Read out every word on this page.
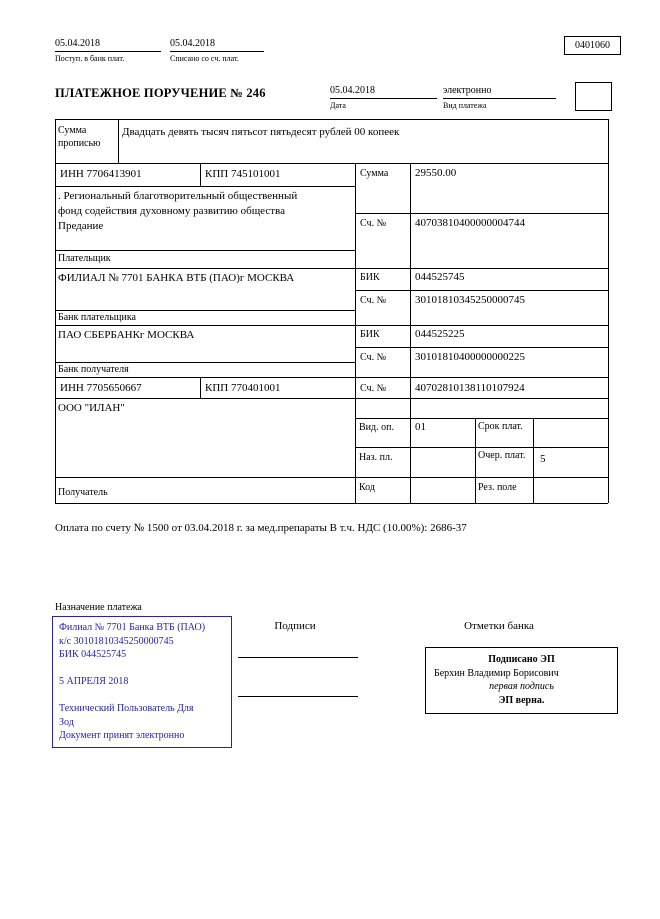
05.04.2018
Поступ. в банк плат.
05.04.2018
Списано со сч. плат.
0401060
ПЛАТЕЖНОЕ ПОРУЧЕНИЕ № 246	05.04.2018
Дата
электронно
Вид платежа
Сумма прописью
Двадцать девять тысяч пятьсот пятьдесят рублей 00 копеек
ИНН 7706413901	КПП 745101001	Сумма 29550.00
. Региональный благотворительный общественный
фонд содействия духовному развитию общества
Предание	Сч. №	40703810400000004744
Плательщик
ФИЛИАЛ № 7701 БАНКА ВТБ (ПАО)г МОСКВА	БИК	044525745
Сч. №	30101810345250000745
Банк плательщика
ПАО СБЕРБАНКг МОСКВА	БИК	044525225
Сч. №	30101810400000000225
Банк получателя
ИНН 7705650667	КПП 770401001	Сч. №	40702810138110107924
ООО "ИЛАН"
Получатель
Вид. оп. 01	Срок плат.
Наз. пл.	Очер. плат. 5
Код	Рез. поле
Оплата по счету № 1500 от 03.04.2018 г. за мед.препараты В т.ч. НДС (10.00%): 2686-37
Назначение платежа
Филиал № 7701 Банка ВТБ (ПАО)
к/с 30101810345250000745
БИК 044525745
5 АПРЕЛЯ 2018
Технический Пользователь Для
Зод
Документ принят электронно
Подписи	Отметки банка
Подписано ЭП
Берхин Владимир Борисович
первая подпись
ЭП верна.
